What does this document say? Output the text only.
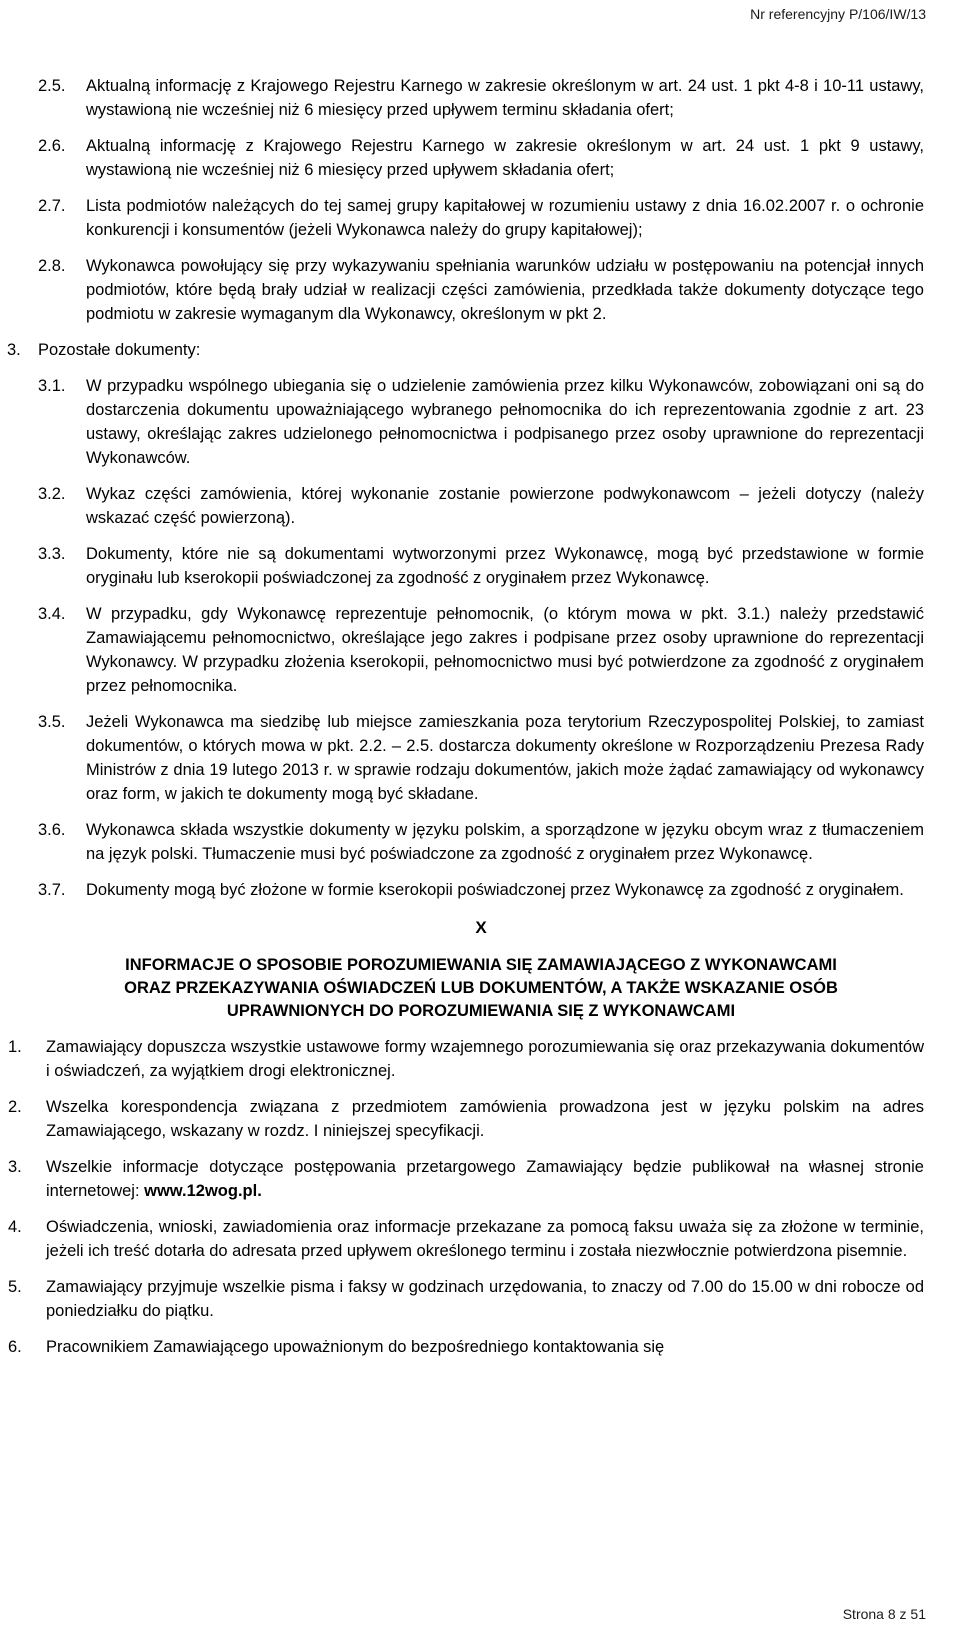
Nr referencyjny P/106/IW/13
2.5.	Aktualną informację z Krajowego Rejestru Karnego w zakresie określonym w art. 24 ust. 1 pkt 4-8 i 10-11 ustawy, wystawioną nie wcześniej niż 6 miesięcy przed upływem terminu składania ofert;
2.6.	Aktualną informację z Krajowego Rejestru Karnego w zakresie określonym w art. 24 ust. 1 pkt 9 ustawy, wystawioną nie wcześniej niż 6 miesięcy przed upływem składania ofert;
2.7.	Lista podmiotów należących do tej samej grupy kapitałowej w rozumieniu ustawy z dnia 16.02.2007 r. o ochronie konkurencji i konsumentów (jeżeli Wykonawca należy do grupy kapitałowej);
2.8.	Wykonawca powołujący się przy wykazywaniu spełniania warunków udziału w postępowaniu na potencjał innych podmiotów, które będą brały udział w realizacji części zamówienia, przedkłada także dokumenty dotyczące tego podmiotu w zakresie wymaganym dla Wykonawcy, określonym w pkt 2.
3.	Pozostałe dokumenty:
3.1.	W przypadku wspólnego ubiegania się o udzielenie zamówienia przez kilku Wykonawców, zobowiązani oni są do dostarczenia dokumentu upoważniającego wybranego pełnomocnika do ich reprezentowania zgodnie z art. 23 ustawy, określając zakres udzielonego pełnomocnictwa i podpisanego przez osoby uprawnione do reprezentacji Wykonawców.
3.2.	Wykaz części zamówienia, której wykonanie zostanie powierzone podwykonawcom – jeżeli dotyczy (należy wskazać część powierzoną).
3.3.	Dokumenty, które nie są dokumentami wytworzonymi przez Wykonawcę, mogą być przedstawione w formie oryginału lub kserokopii poświadczonej za zgodność z oryginałem przez Wykonawcę.
3.4.	W przypadku, gdy Wykonawcę reprezentuje pełnomocnik, (o którym mowa w pkt. 3.1.) należy przedstawić Zamawiającemu pełnomocnictwo, określające jego zakres i podpisane przez osoby uprawnione do reprezentacji Wykonawcy. W przypadku złożenia kserokopii, pełnomocnictwo musi być potwierdzone za zgodność z oryginałem przez pełnomocnika.
3.5.	Jeżeli Wykonawca ma siedzibę lub miejsce zamieszkania poza terytorium Rzeczypospolitej Polskiej, to zamiast dokumentów, o których mowa w pkt. 2.2. – 2.5. dostarcza dokumenty określone w Rozporządzeniu Prezesa Rady Ministrów z dnia 19 lutego 2013 r. w sprawie rodzaju dokumentów, jakich może żądać zamawiający od wykonawcy oraz form, w jakich te dokumenty mogą być składane.
3.6.	Wykonawca składa wszystkie dokumenty w języku polskim, a sporządzone w języku obcym wraz z tłumaczeniem na język polski. Tłumaczenie musi być poświadczone za zgodność z oryginałem przez Wykonawcę.
3.7.	Dokumenty mogą być złożone w formie kserokopii poświadczonej przez Wykonawcę za zgodność z oryginałem.
X
INFORMACJE O SPOSOBIE POROZUMIEWANIA SIĘ ZAMAWIAJĄCEGO Z WYKONAWCAMI
ORAZ PRZEKAZYWANIA OŚWIADCZEŃ LUB DOKUMENTÓW, A TAKŻE WSKAZANIE OSÓB
UPRAWNIONYCH DO POROZUMIEWANIA SIĘ Z WYKONAWCAMI
1.	Zamawiający dopuszcza wszystkie ustawowe formy wzajemnego porozumiewania się oraz przekazywania dokumentów i oświadczeń, za wyjątkiem drogi elektronicznej.
2.	Wszelka korespondencja związana z przedmiotem zamówienia prowadzona jest w języku polskim na adres Zamawiającego, wskazany w rozdz. I niniejszej specyfikacji.
3.	Wszelkie informacje dotyczące postępowania przetargowego Zamawiający będzie publikował na własnej stronie internetowej: www.12wog.pl.
4.	Oświadczenia, wnioski, zawiadomienia oraz informacje przekazane za pomocą faksu uważa się za złożone w terminie, jeżeli ich treść dotarła do adresata przed upływem określonego terminu i została niezwłocznie potwierdzona pisemnie.
5.	Zamawiający przyjmuje wszelkie pisma i faksy w godzinach urzędowania, to znaczy od 7.00 do 15.00 w dni robocze od poniedziałku do piątku.
6.	Pracownikiem Zamawiającego upoważnionym do bezpośredniego kontaktowania się
Strona 8 z 51
